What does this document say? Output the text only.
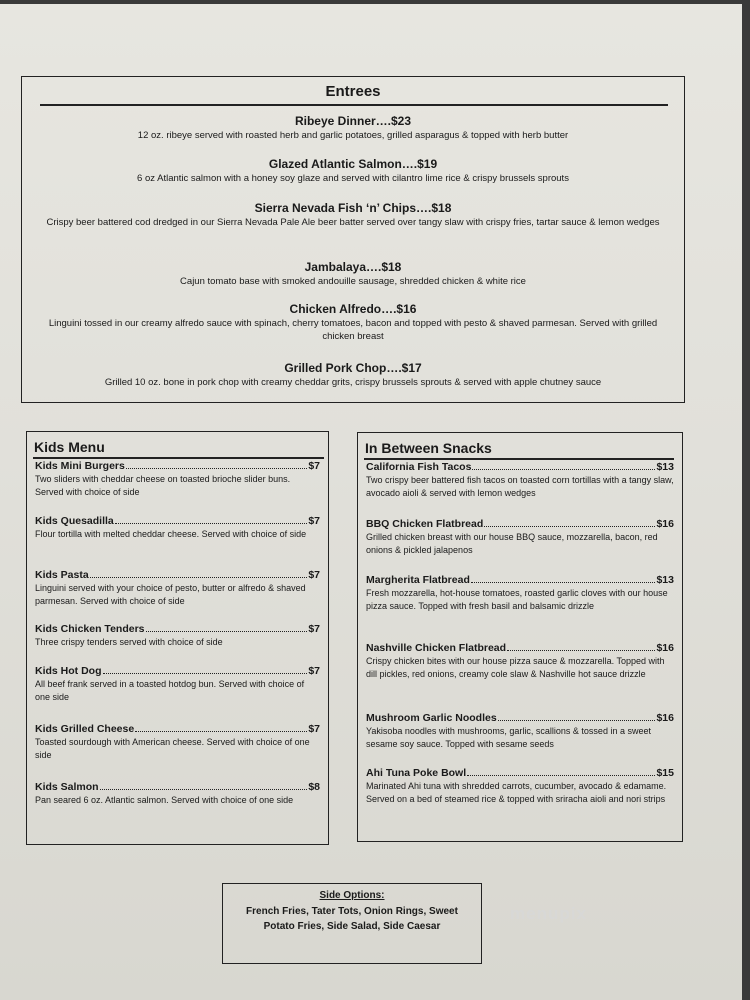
Entrees
Ribeye Dinner….$23
12 oz. ribeye served with roasted herb and garlic potatoes, grilled asparagus & topped with herb butter
Glazed Atlantic Salmon….$19
6 oz Atlantic salmon with a honey soy glaze and served with cilantro lime rice & crispy brussels sprouts
Sierra Nevada Fish ‘n’ Chips….$18
Crispy beer battered cod dredged in our Sierra Nevada Pale Ale beer batter served over tangy slaw with crispy fries, tartar sauce & lemon wedges
Jambalaya….$18
Cajun tomato base with smoked andouille sausage, shredded chicken & white rice
Chicken Alfredo….$16
Linguini tossed in our creamy alfredo sauce with spinach, cherry tomatoes, bacon and topped with pesto & shaved parmesan. Served with grilled chicken breast
Grilled Pork Chop….$17
Grilled 10 oz. bone in pork chop with creamy cheddar grits, crispy brussels sprouts & served with apple chutney sauce
Kids Menu
Kids Mini Burgers	$7
Two sliders with cheddar cheese on toasted brioche slider buns. Served with choice of side
Kids Quesadilla	$7
Flour tortilla with melted cheddar cheese. Served with choice of side
Kids Pasta	$7
Linguini served with your choice of pesto, butter or alfredo & shaved parmesan. Served with choice of side
Kids Chicken Tenders	$7
Three crispy tenders served with choice of side
Kids Hot Dog	$7
All beef frank served in a toasted hotdog bun. Served with choice of one side
Kids Grilled Cheese	$7
Toasted sourdough with American cheese. Served with choice of one side
Kids Salmon	$8
Pan seared 6 oz. Atlantic salmon. Served with choice of one side
In Between Snacks
California Fish Tacos	$13
Two crispy beer battered fish tacos on toasted corn tortillas with a tangy slaw, avocado aioli & served with lemon wedges
BBQ Chicken Flatbread	$16
Grilled chicken breast with our house BBQ sauce, mozzarella, bacon, red onions & pickled jalapenos
Margherita Flatbread	$13
Fresh mozzarella, hot-house tomatoes, roasted garlic cloves with our house pizza sauce. Topped with fresh basil and balsamic drizzle
Nashville Chicken Flatbread	$16
Crispy chicken bites with our house pizza sauce & mozzarella. Topped with dill pickles, red onions, creamy cole slaw & Nashville hot sauce drizzle
Mushroom Garlic Noodles	$16
Yakisoba noodles with mushrooms, garlic, scallions & tossed in a sweet sesame soy sauce. Topped with sesame seeds
Ahi Tuna Poke Bowl	$15
Marinated Ahi tuna with shredded carrots, cucumber, avocado & edamame. Served on a bed of steamed rice & topped with sriracha aioli and nori strips
Side Options:
French Fries, Tater Tots, Onion Rings, Sweet Potato Fries, Side Salad, Side Caesar
menupix
